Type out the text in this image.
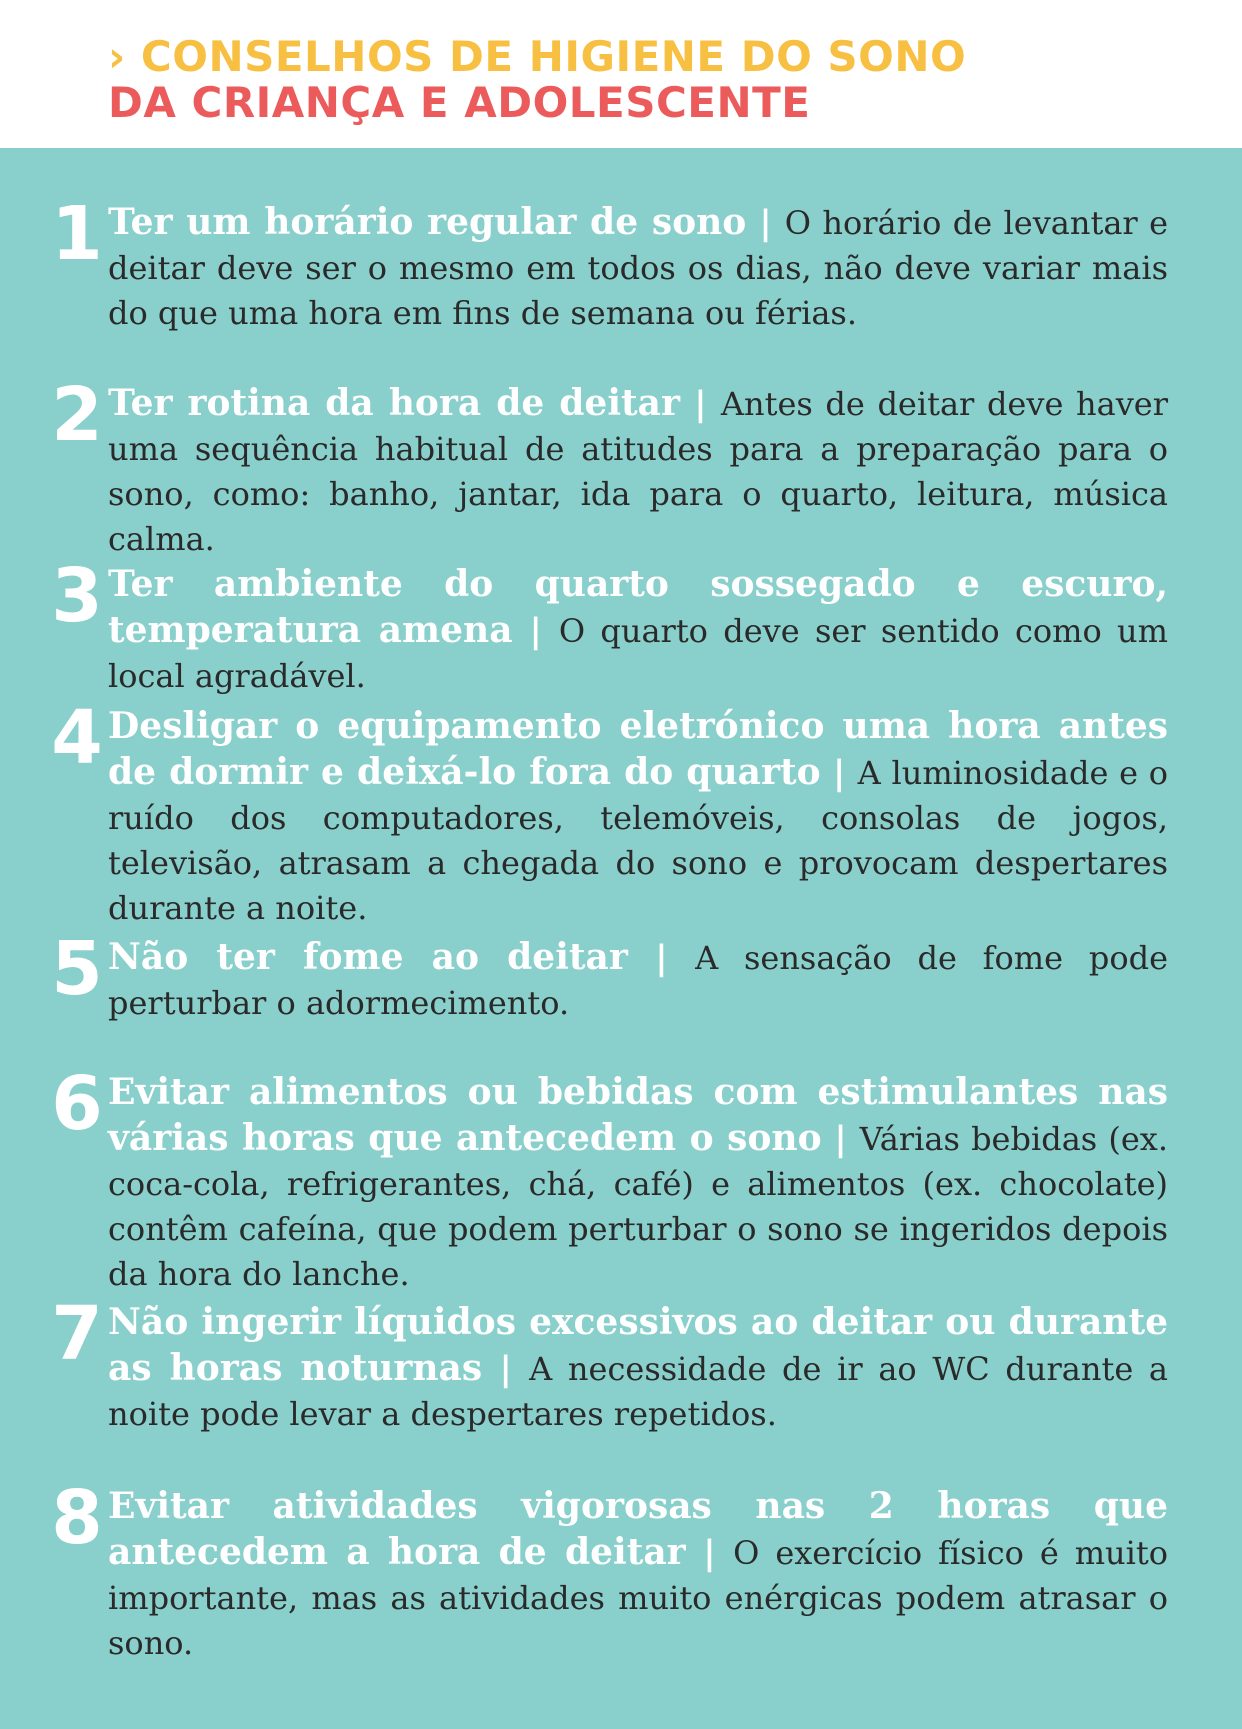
› CONSELHOS DE HIGIENE DO SONO
DA CRIANÇA E ADOLESCENTE
1 Ter um horário regular de sono | O horário de levantar e deitar deve ser o mesmo em todos os dias, não deve variar mais do que uma hora em fins de semana ou férias.

2 Ter rotina da hora de deitar | Antes de deitar deve haver uma sequência habitual de atitudes para a preparação para o sono, como: banho, jantar, ida para o quarto, leitura, música calma.

3 Ter ambiente do quarto sossegado e escuro, temperatura amena | O quarto deve ser sentido como um local agradável.

4 Desligar o equipamento eletrónico uma hora antes de dormir e deixá-lo fora do quarto | A luminosidade e o ruído dos computadores, telemóveis, consolas de jogos, televisão, atrasam a chegada do sono e provocam despertares durante a noite.

5 Não ter fome ao deitar | A sensação de fome pode perturbar o adormecimento.

6 Evitar alimentos ou bebidas com estimulantes nas várias horas que antecedem o sono | Várias bebidas (ex. coca-cola, refrigerantes, chá, café) e alimentos (ex. chocolate) contêm cafeína, que podem perturbar o sono se ingeridos depois da hora do lanche.

7 Não ingerir líquidos excessivos ao deitar ou durante as horas noturnas | A necessidade de ir ao WC durante a noite pode levar a despertares repetidos.

8 Evitar atividades vigorosas nas 2 horas que antecedem a hora de deitar | O exercício físico é muito importante, mas as atividades muito enérgicas podem atrasar o sono.
